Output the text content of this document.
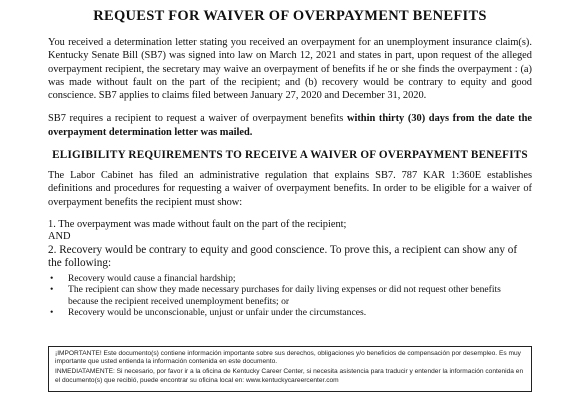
REQUEST FOR WAIVER OF OVERPAYMENT BENEFITS

You received a determination letter stating you received an overpayment for an unemployment insurance claim(s). Kentucky Senate Bill (SB7) was signed into law on March 12, 2021 and states in part, upon request of the alleged overpayment recipient, the secretary may waive an overpayment of benefits if he or she finds the overpayment : (a) was made without fault on the part of the recipient; and (b) recovery would be contrary to equity and good conscience. SB7 applies to claims filed between January 27, 2020 and December 31, 2020.

SB7 requires a recipient to request a waiver of overpayment benefits within thirty (30) days from the date the overpayment determination letter was mailed.

ELIGIBILITY REQUIREMENTS TO RECEIVE A WAIVER OF OVERPAYMENT BENEFITS

The Labor Cabinet has filed an administrative regulation that explains SB7. 787 KAR 1:360E establishes definitions and procedures for requesting a waiver of overpayment benefits. In order to be eligible for a waiver of overpayment benefits the recipient must show:

1. The overpayment was made without fault on the part of the recipient;
AND
2. Recovery would be contrary to equity and good conscience. To prove this, a recipient can show any of the following:
• Recovery would cause a financial hardship;
• The recipient can show they made necessary purchases for daily living expenses or did not request other benefits because the recipient received unemployment benefits; or
• Recovery would be unconscionable, unjust or unfair under the circumstances.

¡IMPORTANTE! Este documento(s) contiene información importante sobre sus derechos, obligaciones y/o beneficios de compensación por desempleo. Es muy importante que usted entienda la información contenida en este documento.

INMEDIATAMENTE: Si necesario, por favor ir a la oficina de Kentucky Career Center, si necesita asistencia para traducir y entender la información contenida en el documento(s) que recibió, puede encontrar su oficina local en: www.kentuckycareercenter.com
